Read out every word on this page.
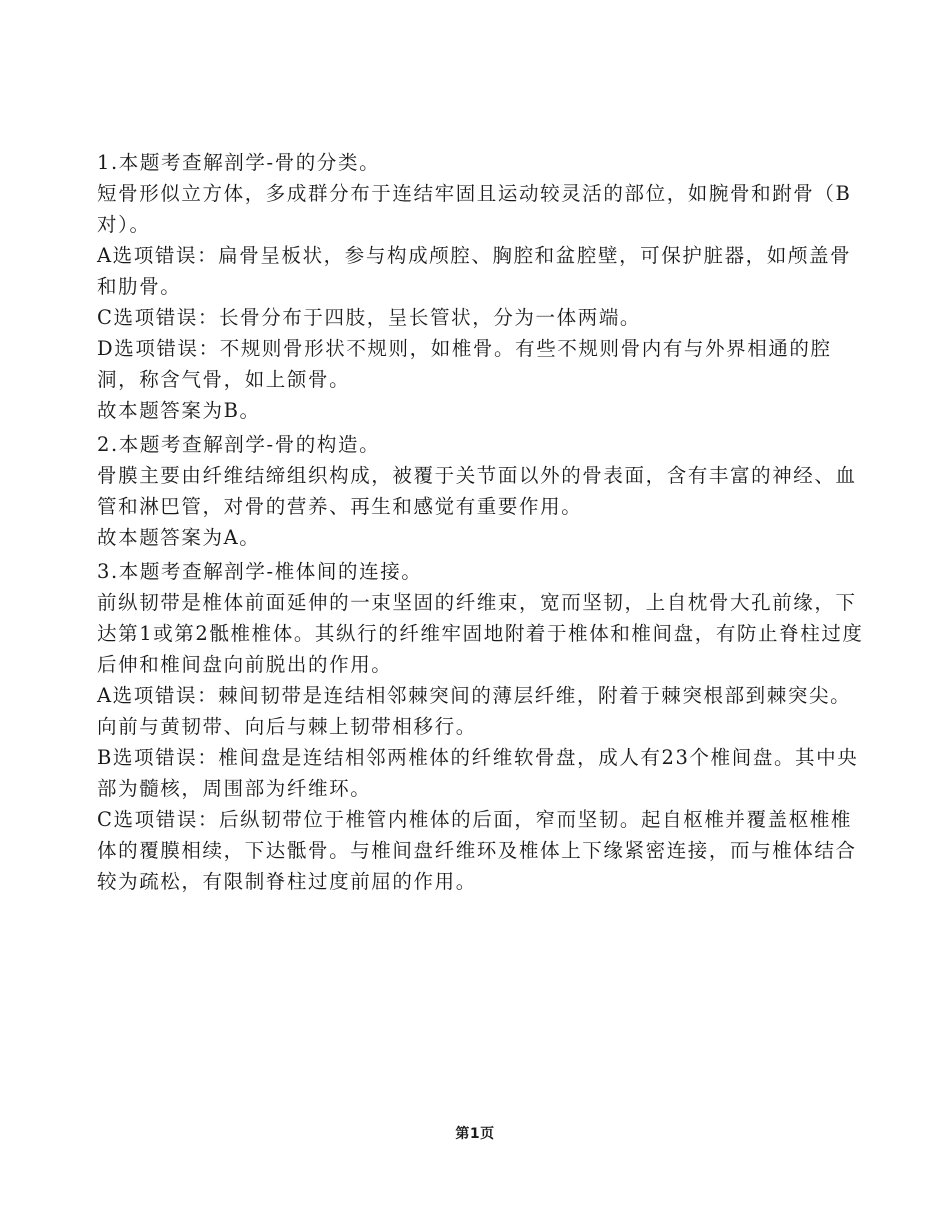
1.本题考查解剖学-骨的分类。
短骨形似立方体，多成群分布于连结牢固且运动较灵活的部位，如腕骨和跗骨（B对）。
A选项错误：扁骨呈板状，参与构成颅腔、胸腔和盆腔壁，可保护脏器，如颅盖骨和肋骨。
C选项错误：长骨分布于四肢，呈长管状，分为一体两端。
D选项错误：不规则骨形状不规则，如椎骨。有些不规则骨内有与外界相通的腔洞，称含气骨，如上颌骨。
故本题答案为B。
2.本题考查解剖学-骨的构造。
骨膜主要由纤维结缔组织构成，被覆于关节面以外的骨表面，含有丰富的神经、血管和淋巴管，对骨的营养、再生和感觉有重要作用。
故本题答案为A。
3.本题考查解剖学-椎体间的连接。
前纵韧带是椎体前面延伸的一束坚固的纤维束，宽而坚韧，上自枕骨大孔前缘，下达第1或第2骶椎椎体。其纵行的纤维牢固地附着于椎体和椎间盘，有防止脊柱过度后伸和椎间盘向前脱出的作用。
A选项错误：棘间韧带是连结相邻棘突间的薄层纤维，附着于棘突根部到棘突尖。向前与黄韧带、向后与棘上韧带相移行。
B选项错误：椎间盘是连结相邻两椎体的纤维软骨盘，成人有23个椎间盘。其中央部为髓核，周围部为纤维环。
C选项错误：后纵韧带位于椎管内椎体的后面，窄而坚韧。起自枢椎并覆盖枢椎椎体的覆膜相续，下达骶骨。与椎间盘纤维环及椎体上下缘紧密连接，而与椎体结合较为疏松，有限制脊柱过度前屈的作用。
第1页
